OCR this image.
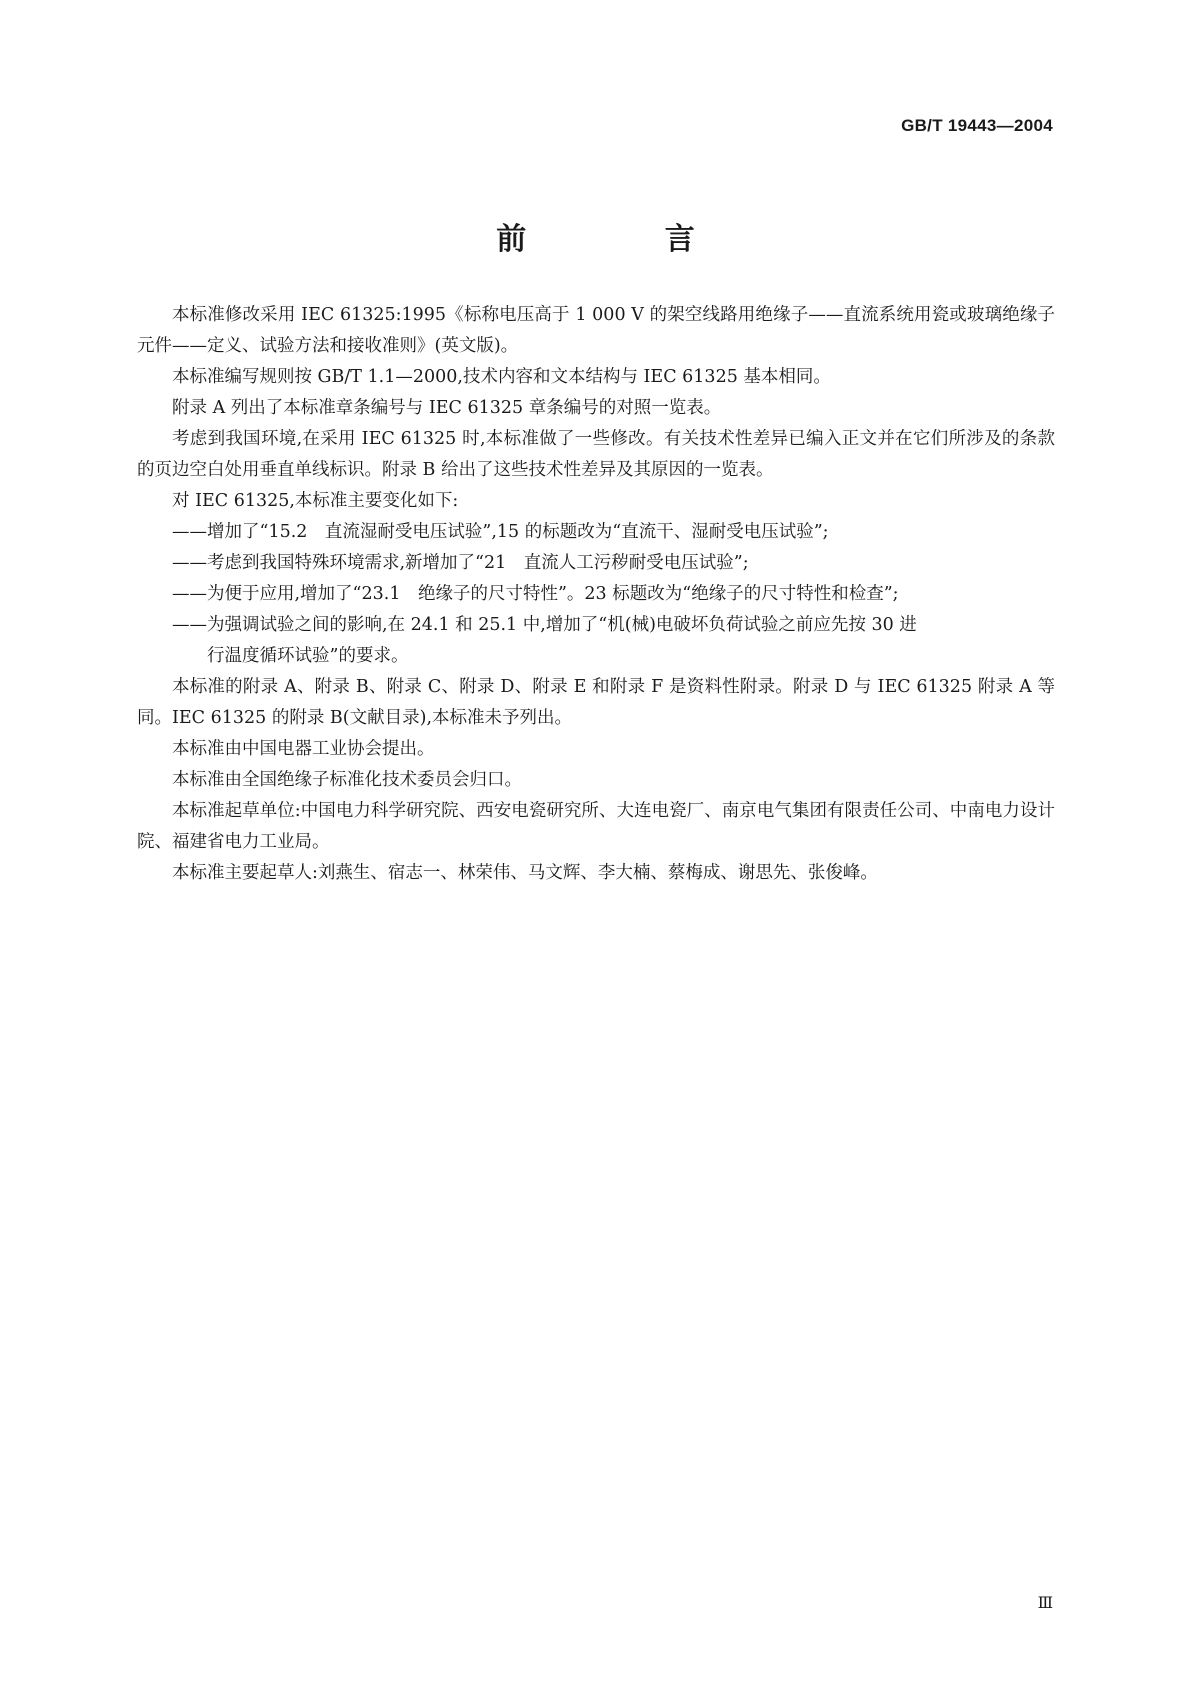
GB/T 19443—2004
前 言

本标准修改采用 IEC 61325:1995《标称电压高于 1 000 V 的架空线路用绝缘子——直流系统用瓷或玻璃绝缘子元件——定义、试验方法和接收准则》(英文版)。

本标准编写规则按 GB/T 1.1—2000,技术内容和文本结构与 IEC 61325 基本相同。

附录 A 列出了本标准章条编号与 IEC 61325 章条编号的对照一览表。

考虑到我国环境,在采用 IEC 61325 时,本标准做了一些修改。有关技术性差异已编入正文并在它们所涉及的条款的页边空白处用垂直单线标识。附录 B 给出了这些技术性差异及其原因的一览表。

对 IEC 61325,本标准主要变化如下:

——增加了“15.2　直流湿耐受电压试验”,15 的标题改为“直流干、湿耐受电压试验”;

——考虑到我国特殊环境需求,新增加了“21　直流人工污秽耐受电压试验”;

——为便于应用,增加了“23.1　绝缘子的尺寸特性”。23 标题改为“绝缘子的尺寸特性和检查”;

——为强调试验之间的影响,在 24.1 和 25.1 中,增加了“机(械)电破坏负荷试验之前应先按 30 进
行温度循环试验”的要求。

本标准的附录 A、附录 B、附录 C、附录 D、附录 E 和附录 F 是资料性附录。附录 D 与 IEC 61325 附录 A 等同。IEC 61325 的附录 B(文献目录),本标准未予列出。

本标准由中国电器工业协会提出。

本标准由全国绝缘子标准化技术委员会归口。

本标准起草单位:中国电力科学研究院、西安电瓷研究所、大连电瓷厂、南京电气集团有限责任公司、中南电力设计院、福建省电力工业局。

本标准主要起草人:刘燕生、宿志一、林荣伟、马文辉、李大楠、蔡梅成、谢思先、张俊峰。

Ⅲ
